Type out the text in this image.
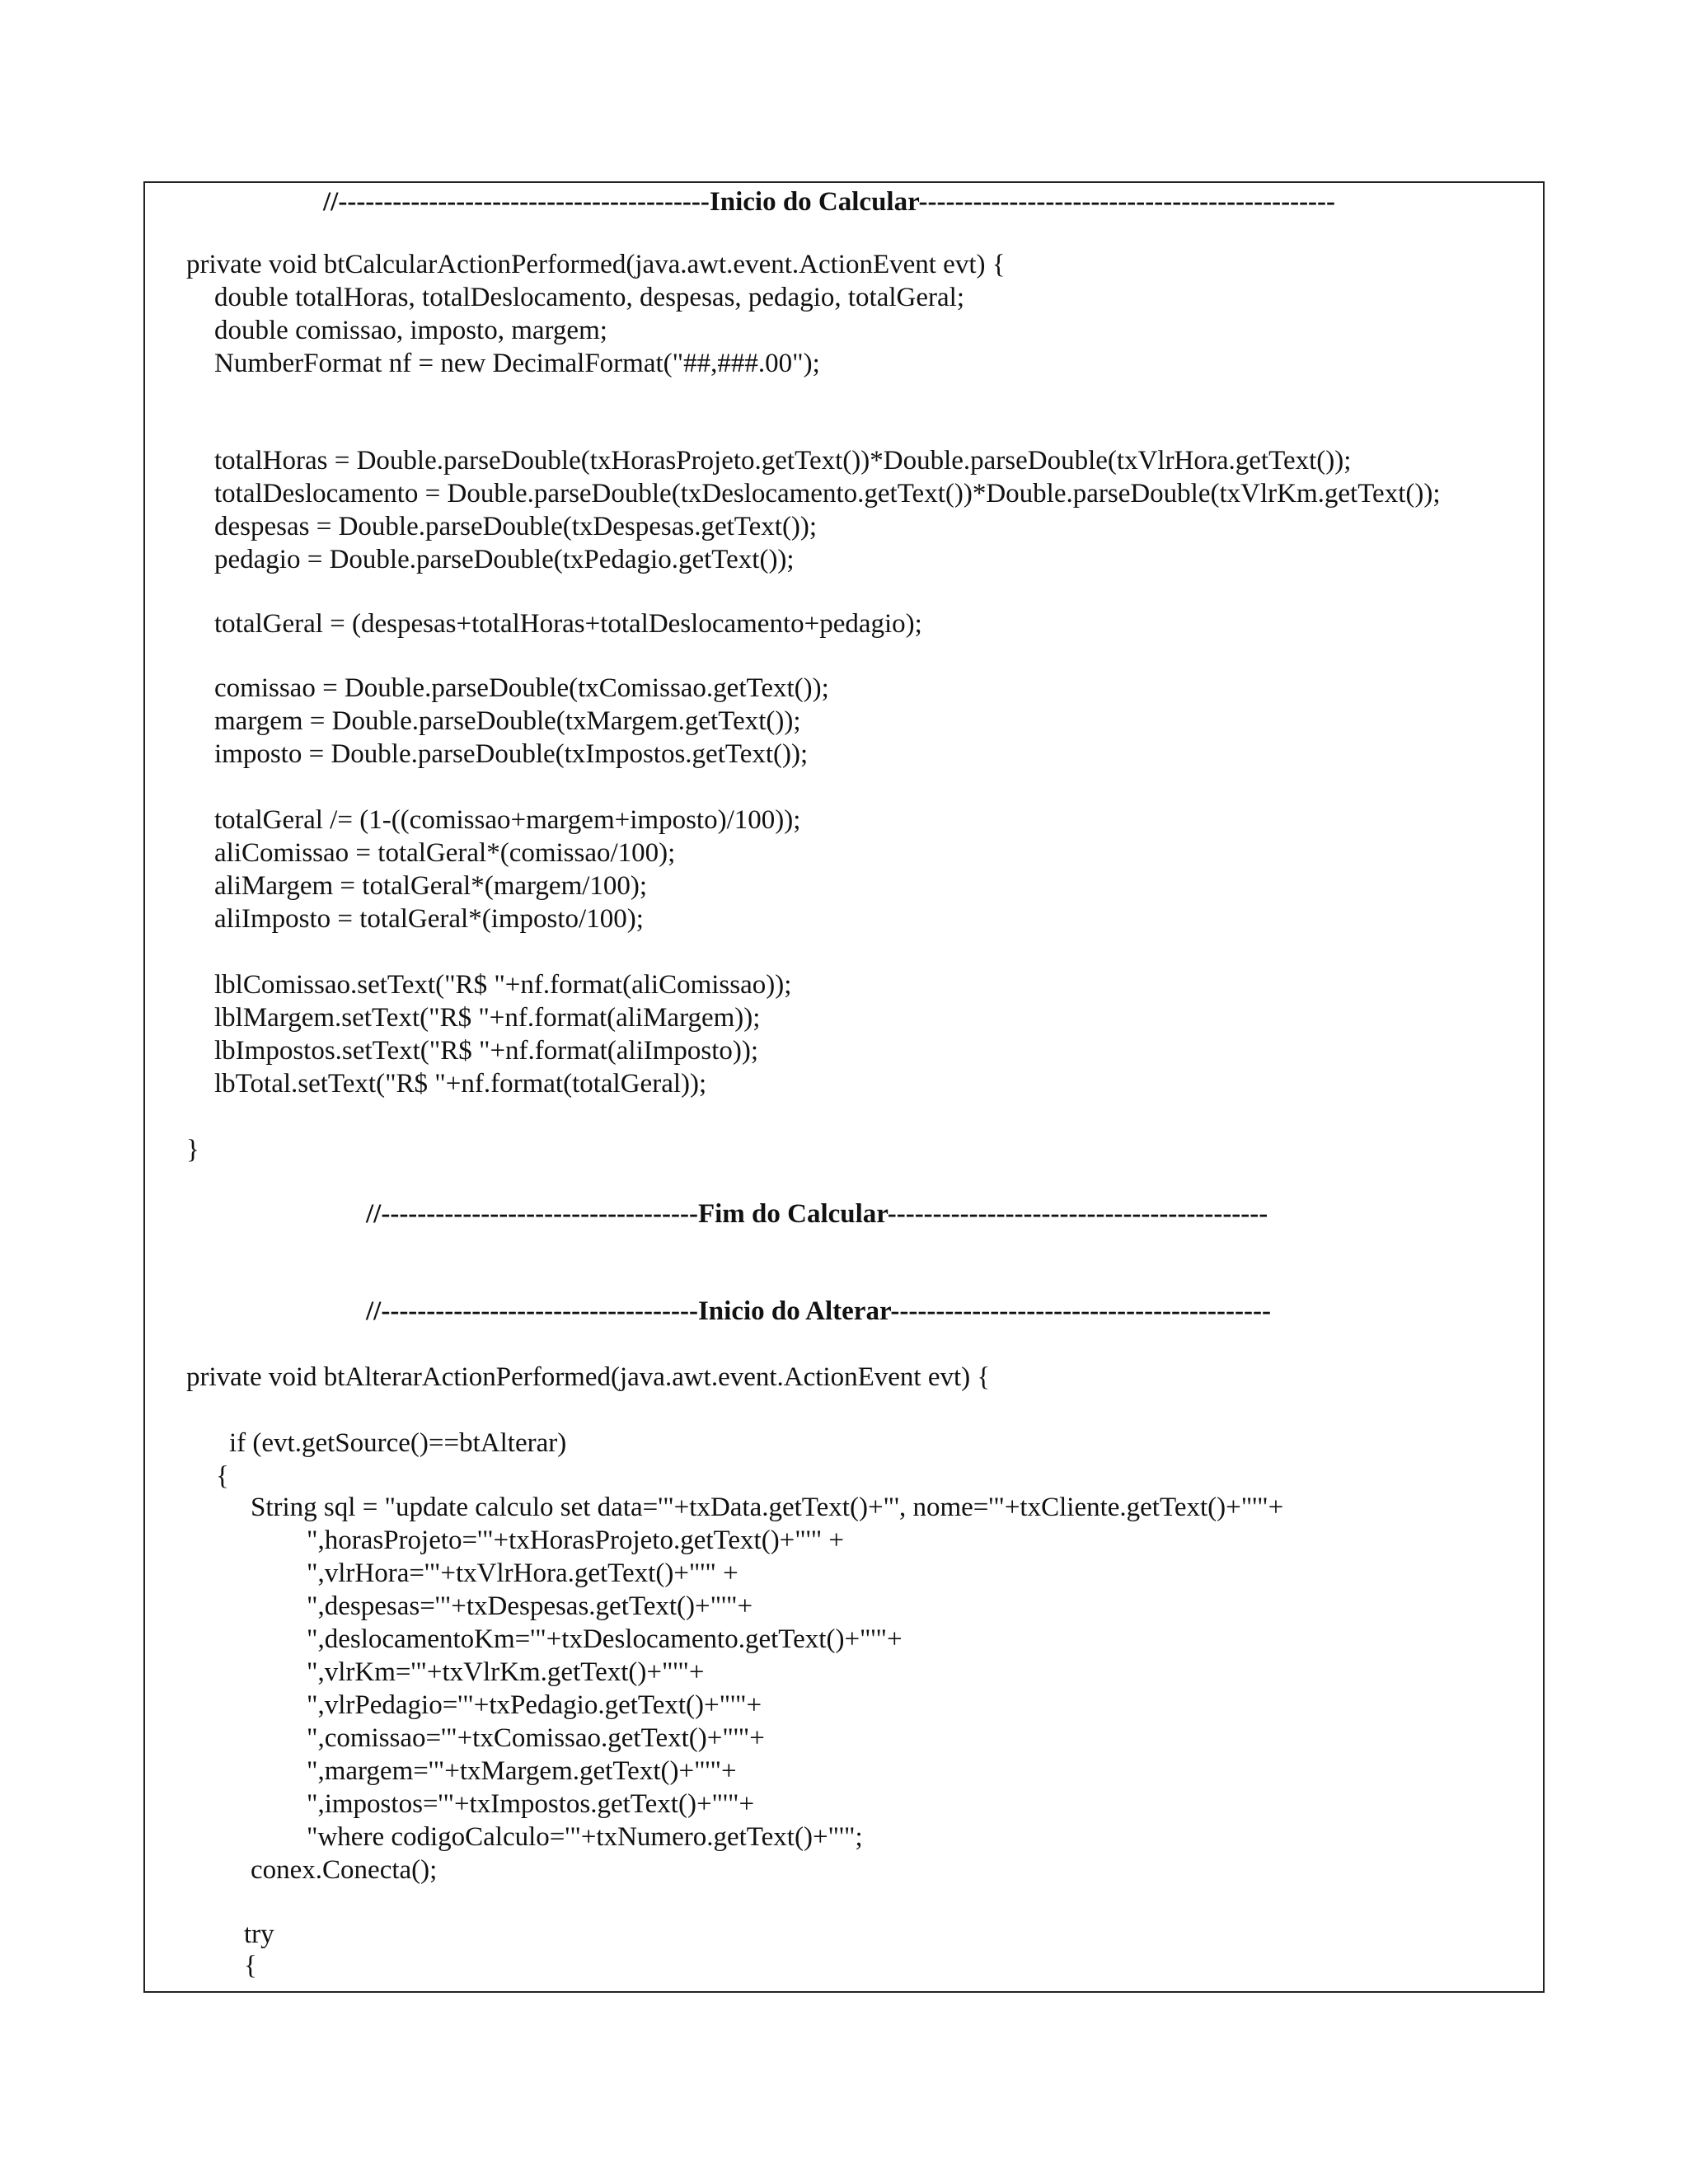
//-----------------------------------------Inicio do Calcular----------------------------------------------
private void btCalcularActionPerformed(java.awt.event.ActionEvent evt) {
double totalHoras, totalDeslocamento, despesas, pedagio, totalGeral;
double comissao, imposto, margem;
NumberFormat nf = new DecimalFormat("##,###.00");
totalHoras = Double.parseDouble(txHorasProjeto.getText())*Double.parseDouble(txVlrHora.getText());
totalDeslocamento = Double.parseDouble(txDeslocamento.getText())*Double.parseDouble(txVlrKm.getText());
despesas = Double.parseDouble(txDespesas.getText());
pedagio = Double.parseDouble(txPedagio.getText());
totalGeral = (despesas+totalHoras+totalDeslocamento+pedagio);
comissao = Double.parseDouble(txComissao.getText());
margem = Double.parseDouble(txMargem.getText());
imposto = Double.parseDouble(txImpostos.getText());
totalGeral /= (1-((comissao+margem+imposto)/100));
aliComissao = totalGeral*(comissao/100);
aliMargem = totalGeral*(margem/100);
aliImposto = totalGeral*(imposto/100);
lblComissao.setText("R$ "+nf.format(aliComissao));
lblMargem.setText("R$ "+nf.format(aliMargem));
lbImpostos.setText("R$ "+nf.format(aliImposto));
lbTotal.setText("R$ "+nf.format(totalGeral));
}
//-----------------------------------Fim do Calcular------------------------------------------
//-----------------------------------Inicio do Alterar------------------------------------------
private void btAlterarActionPerformed(java.awt.event.ActionEvent evt) {
if (evt.getSource()==btAlterar)
{
String sql = "update calculo set data='"+txData.getText()+"', nome='"+txCliente.getText()+"'"+
",horasProjeto='"+txHorasProjeto.getText()+"'" +
",vlrHora='"+txVlrHora.getText()+"'" +
",despesas='"+txDespesas.getText()+"'"+
",deslocamentoKm='"+txDeslocamento.getText()+"'"+
",vlrKm='"+txVlrKm.getText()+"'"+
",vlrPedagio='"+txPedagio.getText()+"'"+
",comissao='"+txComissao.getText()+"'"+
",margem='"+txMargem.getText()+"'"+
",impostos='"+txImpostos.getText()+"'"+
"where codigoCalculo='"+txNumero.getText()+"'";
conex.Conecta();
try
{
